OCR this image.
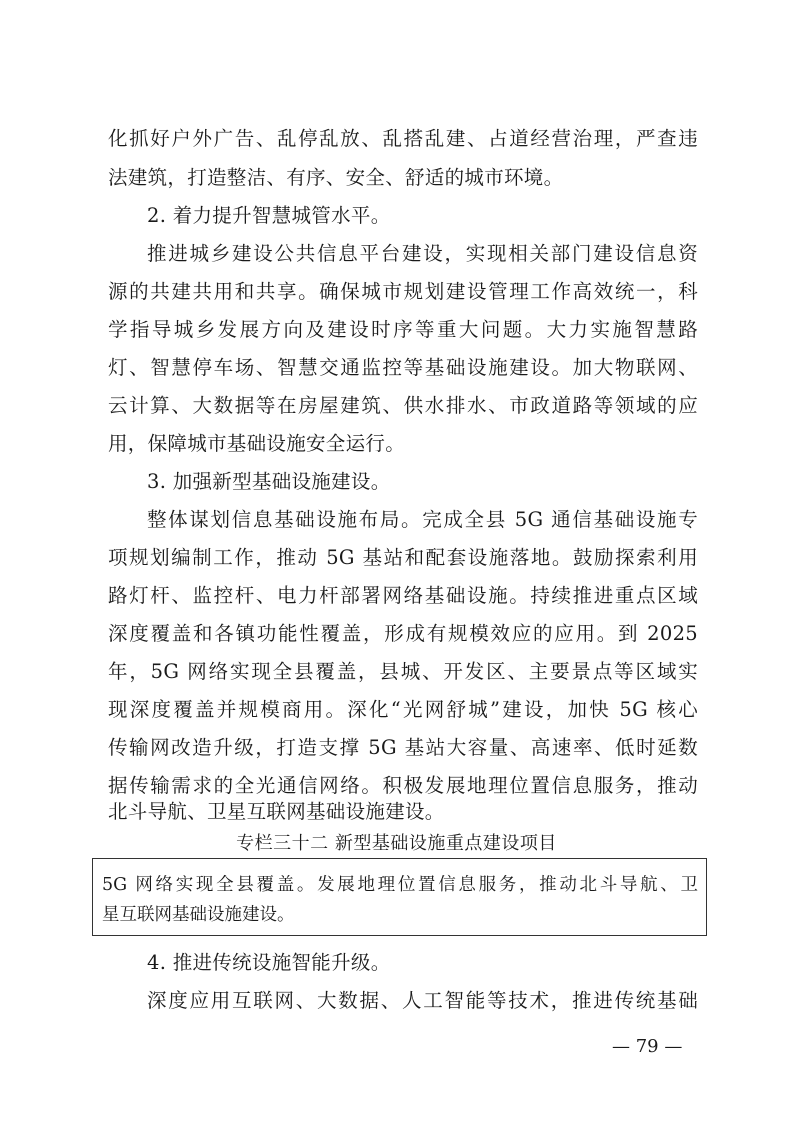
化抓好户外广告、乱停乱放、乱搭乱建、占道经营治理，严查违
法建筑，打造整洁、有序、安全、舒适的城市环境。
2. 着力提升智慧城管水平。
推进城乡建设公共信息平台建设，实现相关部门建设信息资
源的共建共用和共享。确保城市规划建设管理工作高效统一，科
学指导城乡发展方向及建设时序等重大问题。大力实施智慧路
灯、智慧停车场、智慧交通监控等基础设施建设。加大物联网、
云计算、大数据等在房屋建筑、供水排水、市政道路等领域的应
用，保障城市基础设施安全运行。
3. 加强新型基础设施建设。
整体谋划信息基础设施布局。完成全县 5G 通信基础设施专
项规划编制工作，推动 5G 基站和配套设施落地。鼓励探索利用
路灯杆、监控杆、电力杆部署网络基础设施。持续推进重点区域
深度覆盖和各镇功能性覆盖，形成有规模效应的应用。到 2025
年，5G 网络实现全县覆盖，县城、开发区、主要景点等区域实
现深度覆盖并规模商用。深化“光网舒城”建设，加快 5G 核心
传输网改造升级，打造支撑 5G 基站大容量、高速率、低时延数
据传输需求的全光通信网络。积极发展地理位置信息服务，推动
北斗导航、卫星互联网基础设施建设。
专栏三十二 新型基础设施重点建设项目
5G 网络实现全县覆盖。发展地理位置信息服务，推动北斗导航、卫
星互联网基础设施建设。
4. 推进传统设施智能升级。
深度应用互联网、大数据、人工智能等技术，推进传统基础
— 79 —
